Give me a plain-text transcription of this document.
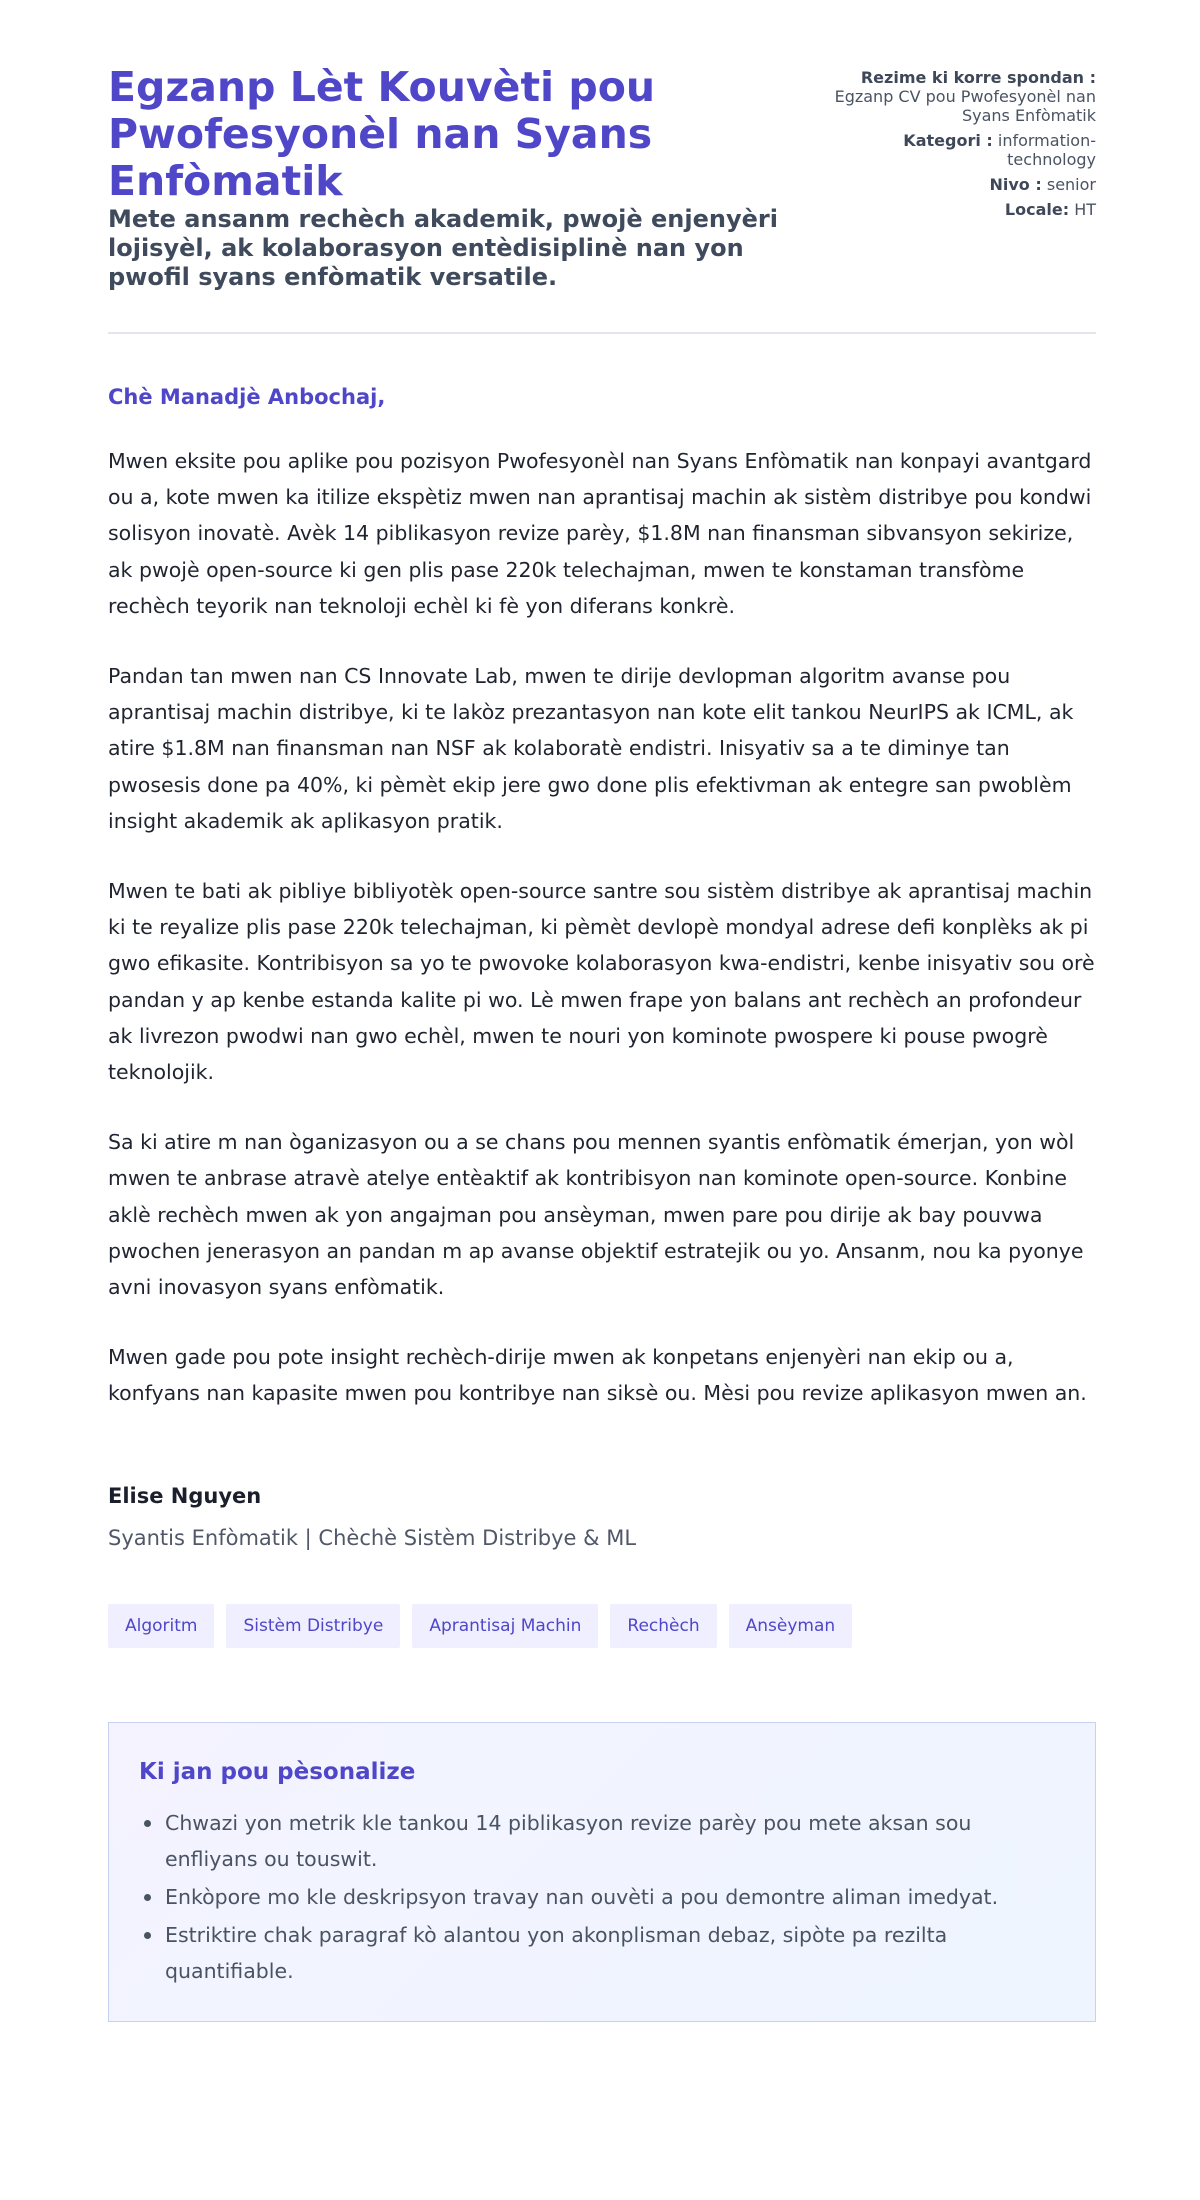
Egzanp Lèt Kouvèti pou Pwofesyonèl nan Syans Enfòmatik
Mete ansanm rechèch akademik, pwojè enjenyèri lojisyèl, ak kolaborasyon entèdisiplinè nan yon pwofil syans enfòmatik versatile.
Rezime ki korre spondan : Egzanp CV pou Pwofesyonèl nan Syans Enfòmatik
Kategori : information-technology
Nivo : senior
Locale: HT

Chè Manadjè Anbochaj,

Mwen eksite pou aplike pou pozisyon Pwofesyonèl nan Syans Enfòmatik nan konpayi avantgard ou a, kote mwen ka itilize ekspètiz mwen nan aprantisaj machin ak sistèm distribye pou kondwi solisyon inovatè. Avèk 14 piblikasyon revize parèy, $1.8M nan finansman sibvansyon sekirize, ak pwojè open-source ki gen plis pase 220k telechajman, mwen te konstaman transfòme rechèch teyorik nan teknoloji echèl ki fè yon diferans konkrè.

Pandan tan mwen nan CS Innovate Lab, mwen te dirije devlopman algoritm avanse pou aprantisaj machin distribye, ki te lakòz prezantasyon nan kote elit tankou NeurIPS ak ICML, ak atire $1.8M nan finansman nan NSF ak kolaboratè endistri. Inisyativ sa a te diminye tan pwosesis done pa 40%, ki pèmèt ekip jere gwo done plis efektivman ak entegre san pwoblèm insight akademik ak aplikasyon pratik.

Mwen te bati ak pibliye bibliyotèk open-source santre sou sistèm distribye ak aprantisaj machin ki te reyalize plis pase 220k telechajman, ki pèmèt devlopè mondyal adrese defi konplèks ak pi gwo efikasite. Kontribisyon sa yo te pwovoke kolaborasyon kwa-endistri, kenbe inisyativ sou orè pandan y ap kenbe estanda kalite pi wo. Lè mwen frape yon balans ant rechèch an profondeur ak livrezon pwodwi nan gwo echèl, mwen te nouri yon kominote pwospere ki pouse pwogrè teknolojik.

Sa ki atire m nan òganizasyon ou a se chans pou mennen syantis enfòmatik émerjan, yon wòl mwen te anbrase atravè atelye entèaktif ak kontribisyon nan kominote open-source. Konbine aklè rechèch mwen ak yon angajman pou ansèyman, mwen pare pou dirije ak bay pouvwa pwochen jenerasyon an pandan m ap avanse objektif estratejik ou yo. Ansanm, nou ka pyonye avni inovasyon syans enfòmatik.

Mwen gade pou pote insight rechèch-dirije mwen ak konpetans enjenyèri nan ekip ou a, konfyans nan kapasite mwen pou kontribye nan siksè ou. Mèsi pou revize aplikasyon mwen an.

Elise Nguyen

Syantis Enfòmatik | Chèchè Sistèm Distribye & ML

Algoritm	Sistèm Distribye	Aprantisaj Machin	Rechèch	Ansèyman
Ki jan pou pèsonalize
Chwazi yon metrik kle tankou 14 piblikasyon revize parèy pou mete aksan sou enfliyans ou touswit.
Enkòpore mo kle deskripsyon travay nan ouvèti a pou demontre aliman imedyat.
Estriktire chak paragraf kò alantou yon akonplisman debaz, sipòte pa rezilta quantifiable.
